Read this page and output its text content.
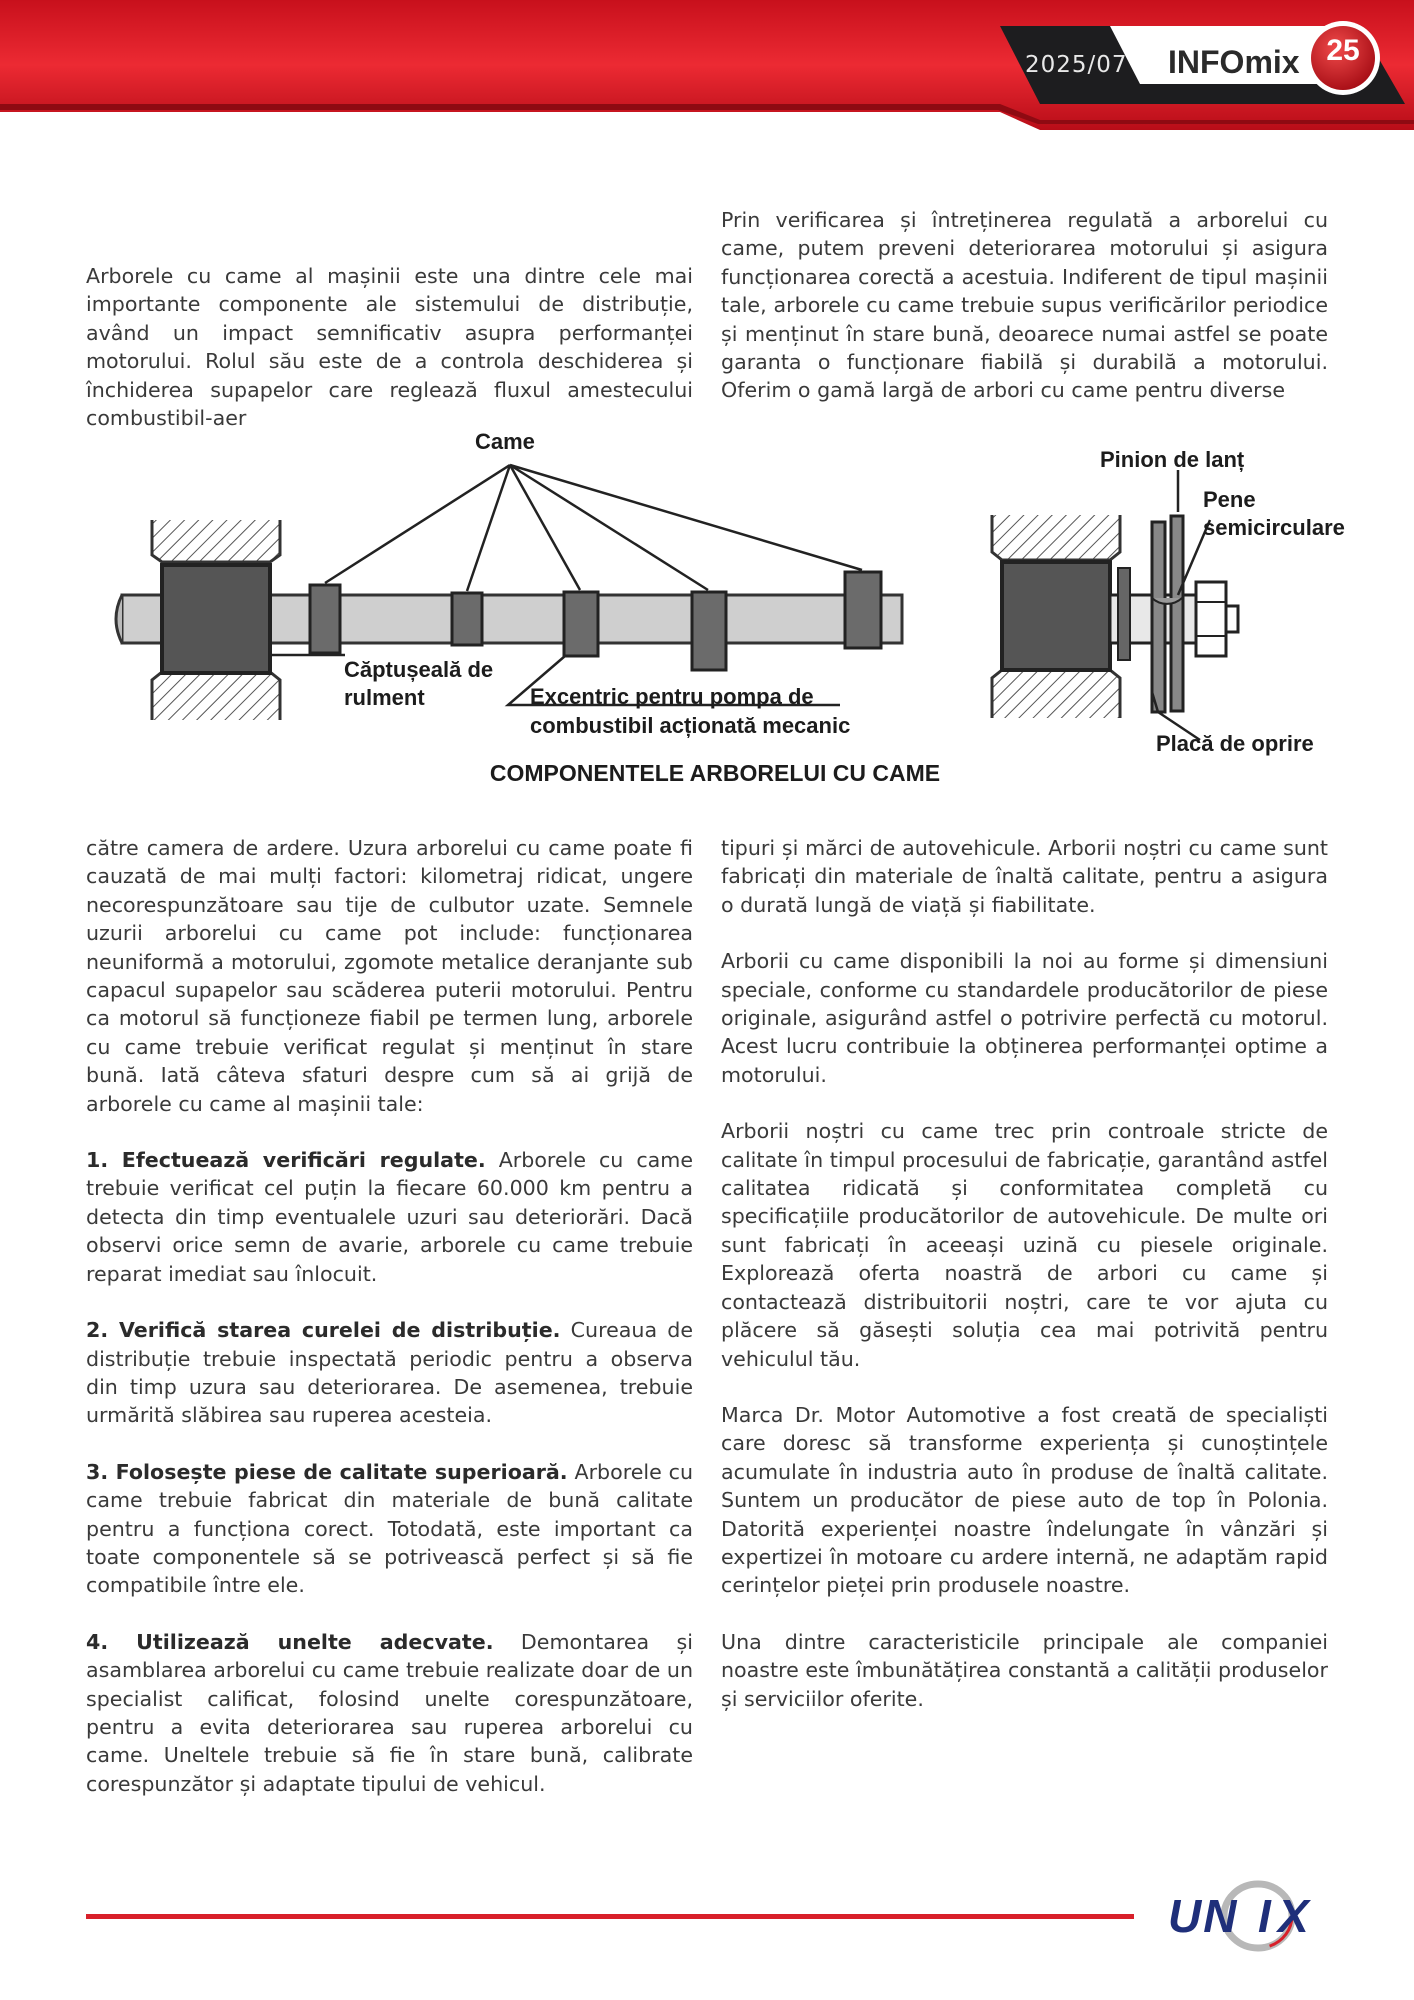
2025/07 INFOmix 25

Arborele cu came al mașinii este una dintre cele mai importante componente ale sistemului de distribuție, având un impact semnificativ asupra performanței motorului. Rolul său este de a controla deschiderea și închiderea supapelor care reglează fluxul amestecului combustibil-aer

Prin verificarea și întreținerea regulată a arborelui cu came, putem preveni deteriorarea motorului și asigura funcționarea corectă a acestuia. Indiferent de tipul mașinii tale, arborele cu came trebuie supus verificărilor periodice și menținut în stare bună, deoarece numai astfel se poate garanta o funcționare fiabilă și durabilă a motorului. Oferim o gamă largă de arbori cu came pentru diverse

Came
Pinion de lanț
Pene
semicirculare
Căptușeală de
rulment	Excentric pentru pompa de
combustibil acționată mecanic
Placă de oprire
COMPONENTELE ARBORELUI CU CAME

către camera de ardere. Uzura arborelui cu came poate fi cauzată de mai mulți factori: kilometraj ridicat, ungere necorespunzătoare sau tije de culbutor uzate. Semnele uzurii arborelui cu came pot include: funcționarea neuniformă a motorului, zgomote metalice deranjante sub capacul supapelor sau scăderea puterii motorului. Pentru ca motorul să funcționeze fiabil pe termen lung, arborele cu came trebuie verificat regulat și menținut în stare bună. Iată câteva sfaturi despre cum să ai grijă de arborele cu came al mașinii tale:

1. Efectuează verificări regulate. Arborele cu came trebuie verificat cel puțin la fiecare 60.000 km pentru a detecta din timp eventualele uzuri sau deteriorări. Dacă observi orice semn de avarie, arborele cu came trebuie reparat imediat sau înlocuit.

2. Verifică starea curelei de distribuție. Cureaua de distribuție trebuie inspectată periodic pentru a observa din timp uzura sau deteriorarea. De asemenea, trebuie urmărită slăbirea sau ruperea acesteia.

3. Folosește piese de calitate superioară. Arborele cu came trebuie fabricat din materiale de bună calitate pentru a funcționa corect. Totodată, este important ca toate componentele să se potrivească perfect și să fie compatibile între ele.

4. Utilizează unelte adecvate. Demontarea și asamblarea arborelui cu came trebuie realizate doar de un specialist calificat, folosind unelte corespunzătoare, pentru a evita deteriorarea sau ruperea arborelui cu came. Uneltele trebuie să fie în stare bună, calibrate corespunzător și adaptate tipului de vehicul.

tipuri și mărci de autovehicule. Arborii noștri cu came sunt fabricați din materiale de înaltă calitate, pentru a asigura o durată lungă de viață și fiabilitate.

Arborii cu came disponibili la noi au forme și dimensiuni speciale, conforme cu standardele producătorilor de piese originale, asigurând astfel o potrivire perfectă cu motorul. Acest lucru contribuie la obținerea performanței optime a motorului.

Arborii noștri cu came trec prin controale stricte de calitate în timpul procesului de fabricație, garantând astfel calitatea ridicată și conformitatea completă cu specificațiile producătorilor de autovehicule. De multe ori sunt fabricați în aceeași uzină cu piesele originale. Explorează oferta noastră de arbori cu came și contactează distribuitorii noștri, care te vor ajuta cu plăcere să găsești soluția cea mai potrivită pentru vehiculul tău.

Marca Dr. Motor Automotive a fost creată de specialiști care doresc să transforme experiența și cunoștințele acumulate în industria auto în produse de înaltă calitate. Suntem un producător de piese auto de top în Polonia. Datorită experienței noastre îndelungate în vânzări și expertizei în motoare cu ardere internă, ne adaptăm rapid cerințelor pieței prin produsele noastre.

Una dintre caracteristicile principale ale companiei noastre este îmbunătățirea constantă a calității produselor și serviciilor oferite.

UN I X
